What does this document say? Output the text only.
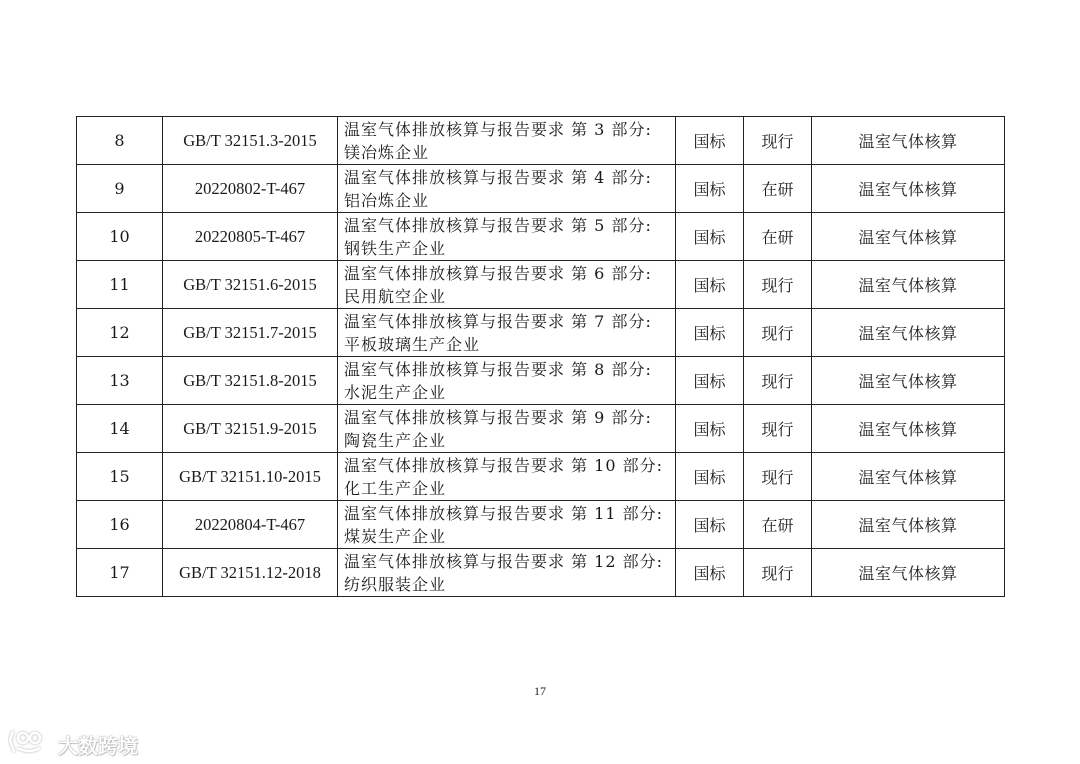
8	GB/T 32151.3-2015	温室气体排放核算与报告要求 第 3 部分: 镁冶炼企业	国标	现行	温室气体核算
9	20220802-T-467	温室气体排放核算与报告要求 第 4 部分: 铝冶炼企业	国标	在研	温室气体核算
10	20220805-T-467	温室气体排放核算与报告要求 第 5 部分: 钢铁生产企业	国标	在研	温室气体核算
11	GB/T 32151.6-2015	温室气体排放核算与报告要求 第 6 部分: 民用航空企业	国标	现行	温室气体核算
12	GB/T 32151.7-2015	温室气体排放核算与报告要求 第 7 部分: 平板玻璃生产企业	国标	现行	温室气体核算
13	GB/T 32151.8-2015	温室气体排放核算与报告要求 第 8 部分: 水泥生产企业	国标	现行	温室气体核算
14	GB/T 32151.9-2015	温室气体排放核算与报告要求 第 9 部分: 陶瓷生产企业	国标	现行	温室气体核算
15	GB/T 32151.10-2015	温室气体排放核算与报告要求 第 10 部分: 化工生产企业	国标	现行	温室气体核算
16	20220804-T-467	温室气体排放核算与报告要求 第 11 部分: 煤炭生产企业	国标	在研	温室气体核算
17	GB/T 32151.12-2018	温室气体排放核算与报告要求 第 12 部分: 纺织服装企业	国标	现行	温室气体核算
17
大数跨境
